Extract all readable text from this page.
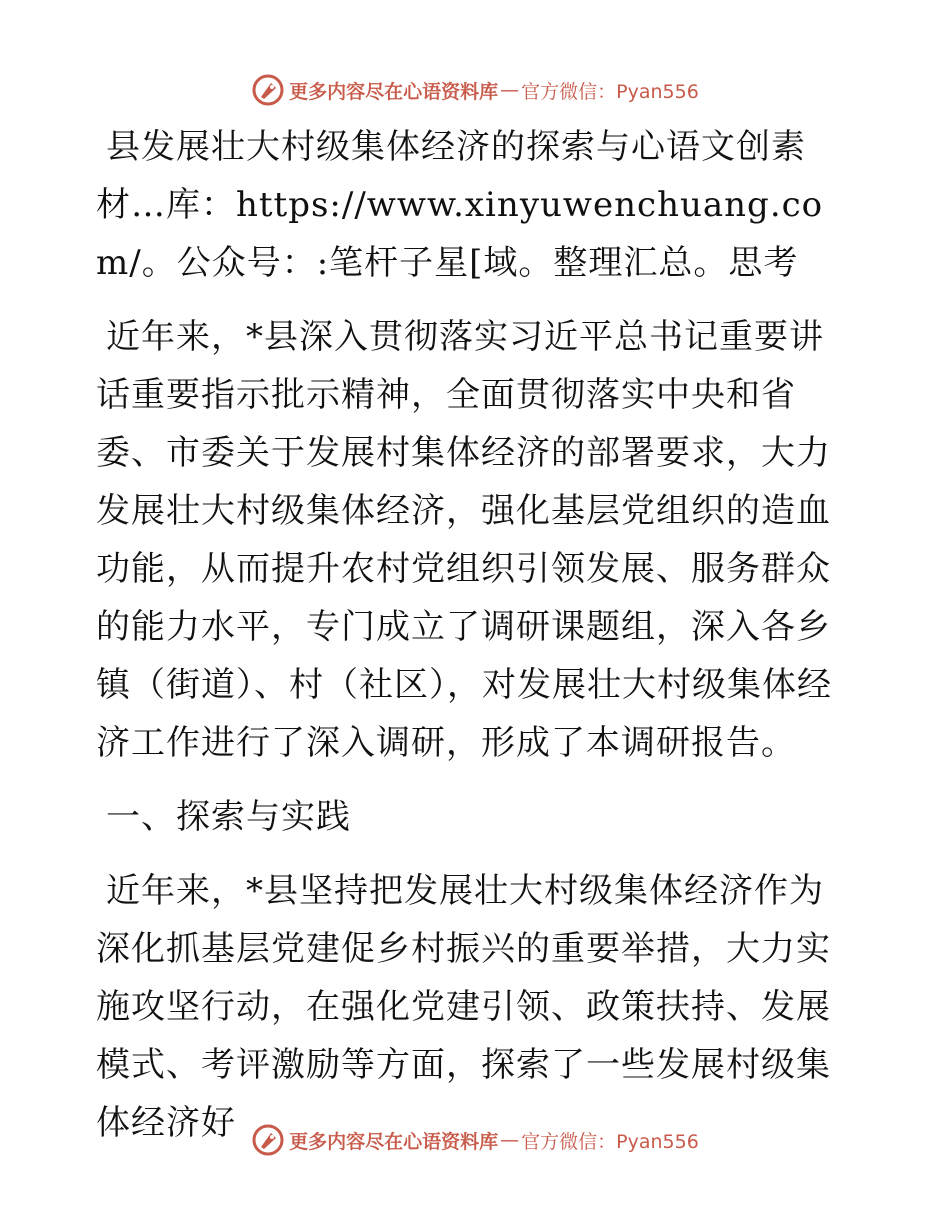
更多内容尽在心语资料库 — 官方微信：Pyan556

县发展壮大村级集体经济的探索与心语文创素材…库：https://www.xinyuwenchuang.com/。公众号：:笔杆子星[域。整理汇总。思考

近年来，*县深入贯彻落实习近平总书记重要讲话重要指示批示精神，全面贯彻落实中央和省委、市委关于发展村集体经济的部署要求，大力发展壮大村级集体经济，强化基层党组织的造血功能，从而提升农村党组织引领发展、服务群众的能力水平，专门成立了调研课题组，深入各乡镇（街道）、村（社区），对发展壮大村级集体经济工作进行了深入调研，形成了本调研报告。

一、探索与实践

近年来，*县坚持把发展壮大村级集体经济作为深化抓基层党建促乡村振兴的重要举措，大力实施攻坚行动，在强化党建引领、政策扶持、发展模式、考评激励等方面，探索了一些发展村级集体经济好	更多内容尽在心语资料库 — 官方微信：Pyan556
